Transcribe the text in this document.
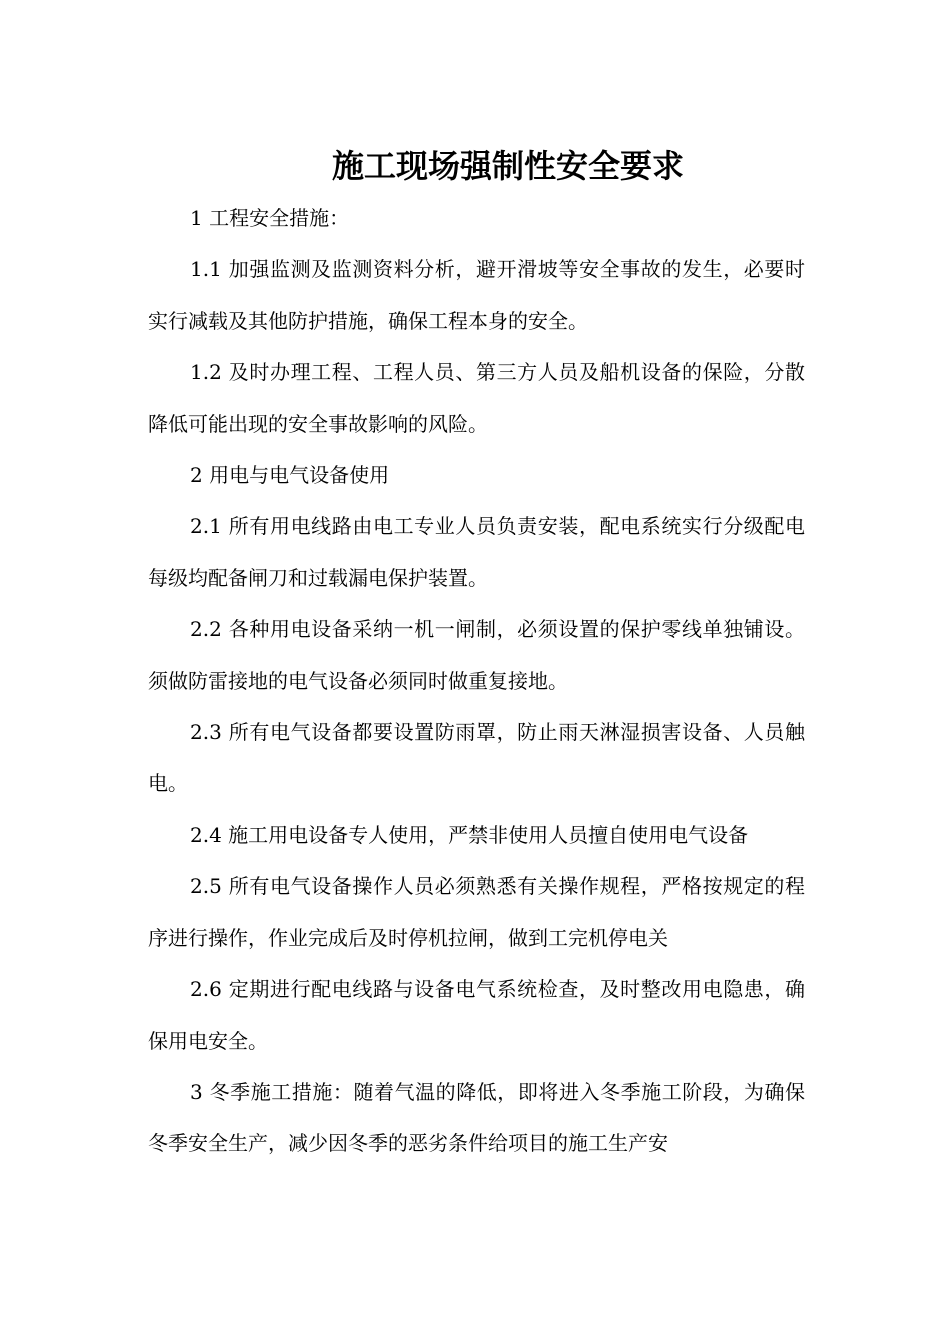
施工现场强制性安全要求

1 工程安全措施：

1.1 加强监测及监测资料分析，避开滑坡等安全事故的发生，必要时实行减载及其他防护措施，确保工程本身的安全。

1.2 及时办理工程、工程人员、第三方人员及船机设备的保险，分散降低可能出现的安全事故影响的风险。

2 用电与电气设备使用

2.1 所有用电线路由电工专业人员负责安装，配电系统实行分级配电每级均配备闸刀和过载漏电保护装置。

2.2 各种用电设备采纳一机一闸制，必须设置的保护零线单独铺设。须做防雷接地的电气设备必须同时做重复接地。

2.3 所有电气设备都要设置防雨罩，防止雨天淋湿损害设备、人员触电。

2.4 施工用电设备专人使用，严禁非使用人员擅自使用电气设备

2.5 所有电气设备操作人员必须熟悉有关操作规程，严格按规定的程序进行操作，作业完成后及时停机拉闸，做到工完机停电关

2.6 定期进行配电线路与设备电气系统检查，及时整改用电隐患，确保用电安全。

3 冬季施工措施：随着气温的降低，即将进入冬季施工阶段，为确保冬季安全生产，减少因冬季的恶劣条件给项目的施工生产安
